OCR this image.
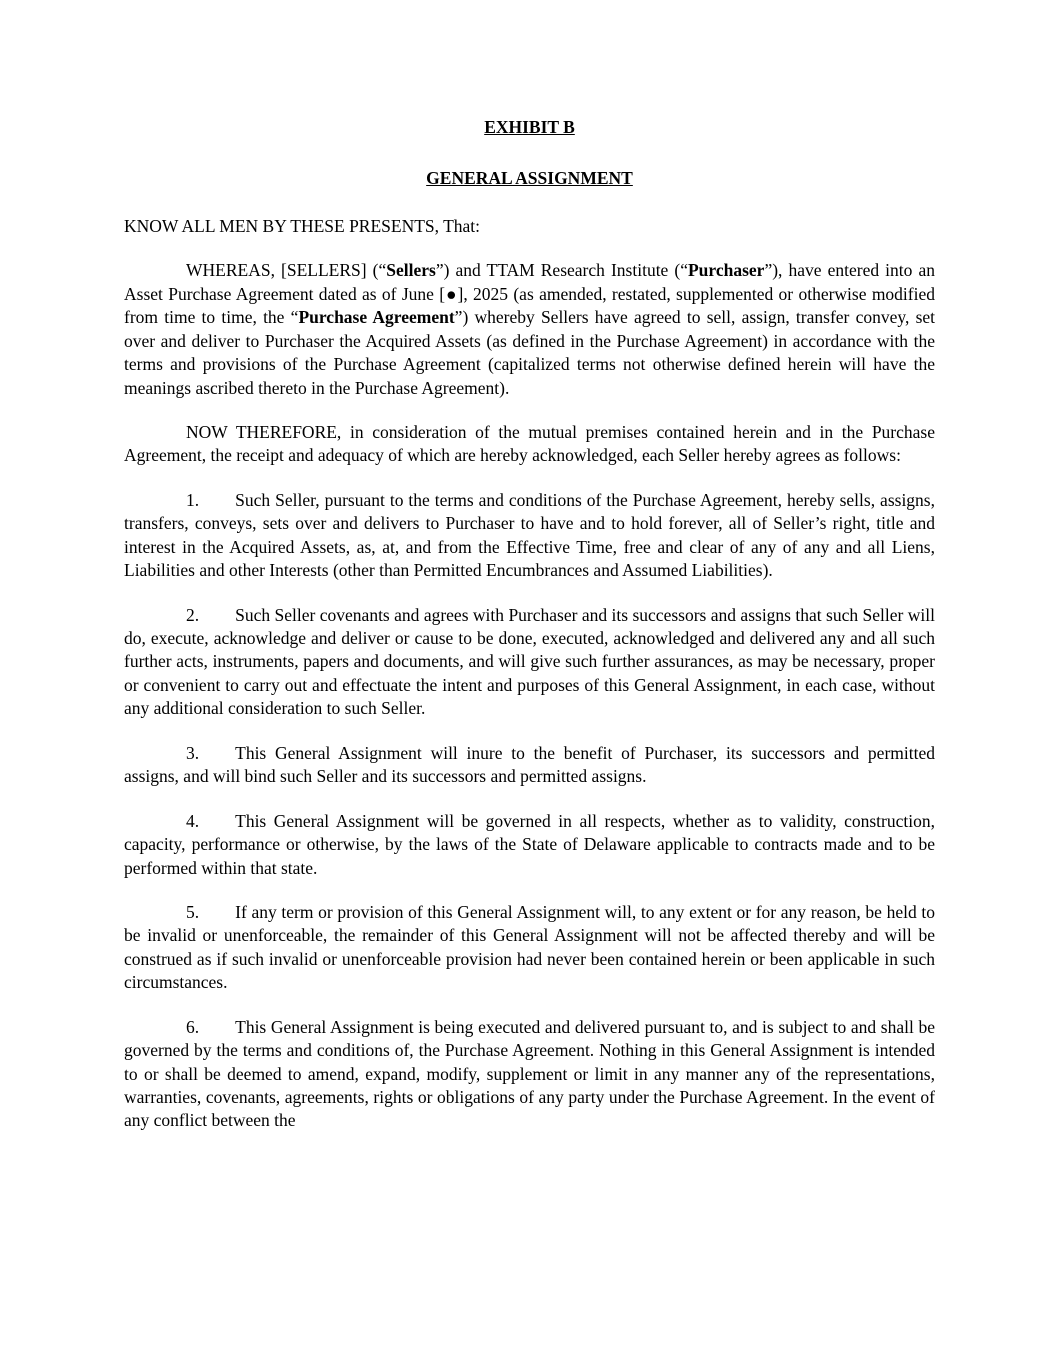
EXHIBIT B

GENERAL ASSIGNMENT

KNOW ALL MEN BY THESE PRESENTS, That:

WHEREAS, [SELLERS] (“Sellers”) and TTAM Research Institute (“Purchaser”), have entered into an Asset Purchase Agreement dated as of June [●], 2025 (as amended, restated, supplemented or otherwise modified from time to time, the “Purchase Agreement”) whereby Sellers have agreed to sell, assign, transfer convey, set over and deliver to Purchaser the Acquired Assets (as defined in the Purchase Agreement) in accordance with the terms and provisions of the Purchase Agreement (capitalized terms not otherwise defined herein will have the meanings ascribed thereto in the Purchase Agreement).

NOW THEREFORE, in consideration of the mutual premises contained herein and in the Purchase Agreement, the receipt and adequacy of which are hereby acknowledged, each Seller hereby agrees as follows:

1. Such Seller, pursuant to the terms and conditions of the Purchase Agreement, hereby sells, assigns, transfers, conveys, sets over and delivers to Purchaser to have and to hold forever, all of Seller’s right, title and interest in the Acquired Assets, as, at, and from the Effective Time, free and clear of any of any and all Liens, Liabilities and other Interests (other than Permitted Encumbrances and Assumed Liabilities).

2. Such Seller covenants and agrees with Purchaser and its successors and assigns that such Seller will do, execute, acknowledge and deliver or cause to be done, executed, acknowledged and delivered any and all such further acts, instruments, papers and documents, and will give such further assurances, as may be necessary, proper or convenient to carry out and effectuate the intent and purposes of this General Assignment, in each case, without any additional consideration to such Seller.

3. This General Assignment will inure to the benefit of Purchaser, its successors and permitted assigns, and will bind such Seller and its successors and permitted assigns.

4. This General Assignment will be governed in all respects, whether as to validity, construction, capacity, performance or otherwise, by the laws of the State of Delaware applicable to contracts made and to be performed within that state.

5. If any term or provision of this General Assignment will, to any extent or for any reason, be held to be invalid or unenforceable, the remainder of this General Assignment will not be affected thereby and will be construed as if such invalid or unenforceable provision had never been contained herein or been applicable in such circumstances.

6. This General Assignment is being executed and delivered pursuant to, and is subject to and shall be governed by the terms and conditions of, the Purchase Agreement. Nothing in this General Assignment is intended to or shall be deemed to amend, expand, modify, supplement or limit in any manner any of the representations, warranties, covenants, agreements, rights or obligations of any party under the Purchase Agreement. In the event of any conflict between the
